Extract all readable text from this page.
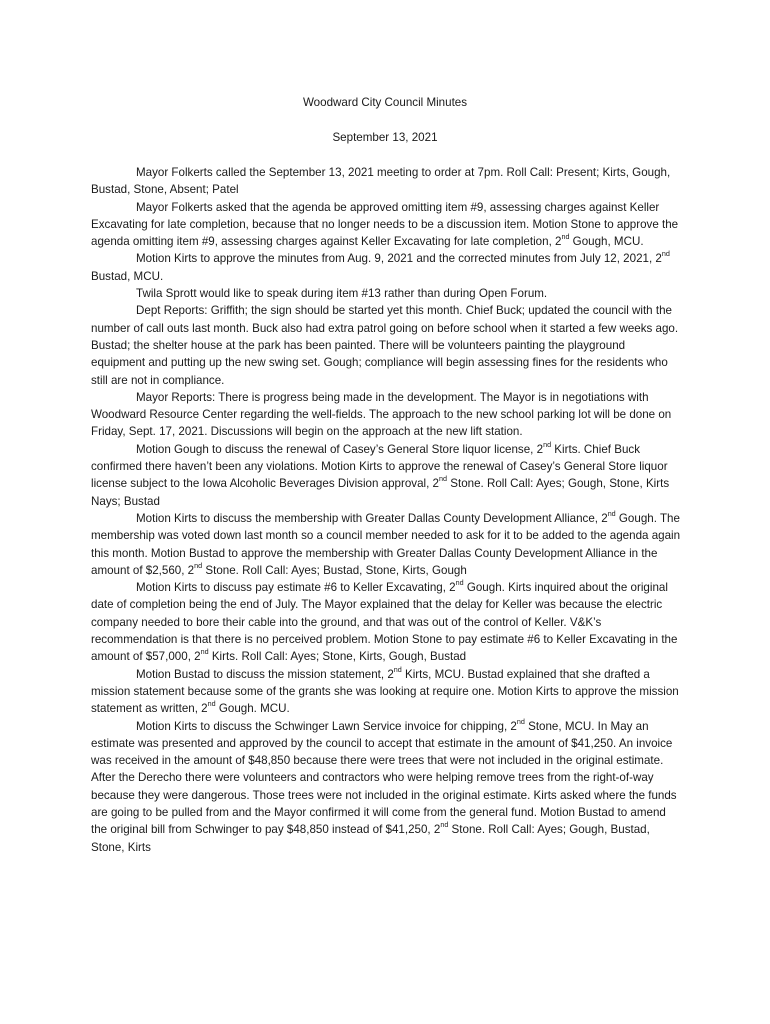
Woodward City Council Minutes
September 13, 2021

Mayor Folkerts called the September 13, 2021 meeting to order at 7pm. Roll Call: Present; Kirts, Gough, Bustad, Stone, Absent; Patel

Mayor Folkerts asked that the agenda be approved omitting item #9, assessing charges against Keller Excavating for late completion, because that no longer needs to be a discussion item. Motion Stone to approve the agenda omitting item #9, assessing charges against Keller Excavating for late completion, 2nd Gough, MCU.

Motion Kirts to approve the minutes from Aug. 9, 2021 and the corrected minutes from July 12, 2021, 2nd Bustad, MCU.

Twila Sprott would like to speak during item #13 rather than during Open Forum.

Dept Reports: Griffith; the sign should be started yet this month. Chief Buck; updated the council with the number of call outs last month. Buck also had extra patrol going on before school when it started a few weeks ago. Bustad; the shelter house at the park has been painted. There will be volunteers painting the playground equipment and putting up the new swing set. Gough; compliance will begin assessing fines for the residents who still are not in compliance.

Mayor Reports: There is progress being made in the development. The Mayor is in negotiations with Woodward Resource Center regarding the well-fields. The approach to the new school parking lot will be done on Friday, Sept. 17, 2021. Discussions will begin on the approach at the new lift station.

Motion Gough to discuss the renewal of Casey’s General Store liquor license, 2nd Kirts. Chief Buck confirmed there haven’t been any violations. Motion Kirts to approve the renewal of Casey’s General Store liquor license subject to the Iowa Alcoholic Beverages Division approval, 2nd Stone. Roll Call: Ayes; Gough, Stone, Kirts Nays; Bustad

Motion Kirts to discuss the membership with Greater Dallas County Development Alliance, 2nd Gough. The membership was voted down last month so a council member needed to ask for it to be added to the agenda again this month. Motion Bustad to approve the membership with Greater Dallas County Development Alliance in the amount of $2,560, 2nd Stone. Roll Call: Ayes; Bustad, Stone, Kirts, Gough

Motion Kirts to discuss pay estimate #6 to Keller Excavating, 2nd Gough. Kirts inquired about the original date of completion being the end of July. The Mayor explained that the delay for Keller was because the electric company needed to bore their cable into the ground, and that was out of the control of Keller. V&K’s recommendation is that there is no perceived problem. Motion Stone to pay estimate #6 to Keller Excavating in the amount of $57,000, 2nd Kirts. Roll Call: Ayes; Stone, Kirts, Gough, Bustad

Motion Bustad to discuss the mission statement, 2nd Kirts, MCU. Bustad explained that she drafted a mission statement because some of the grants she was looking at require one. Motion Kirts to approve the mission statement as written, 2nd Gough. MCU.

Motion Kirts to discuss the Schwinger Lawn Service invoice for chipping, 2nd Stone, MCU. In May an estimate was presented and approved by the council to accept that estimate in the amount of $41,250. An invoice was received in the amount of $48,850 because there were trees that were not included in the original estimate. After the Derecho there were volunteers and contractors who were helping remove trees from the right-of-way because they were dangerous. Those trees were not included in the original estimate. Kirts asked where the funds are going to be pulled from and the Mayor confirmed it will come from the general fund. Motion Bustad to amend the original bill from Schwinger to pay $48,850 instead of $41,250, 2nd Stone. Roll Call: Ayes; Gough, Bustad, Stone, Kirts
